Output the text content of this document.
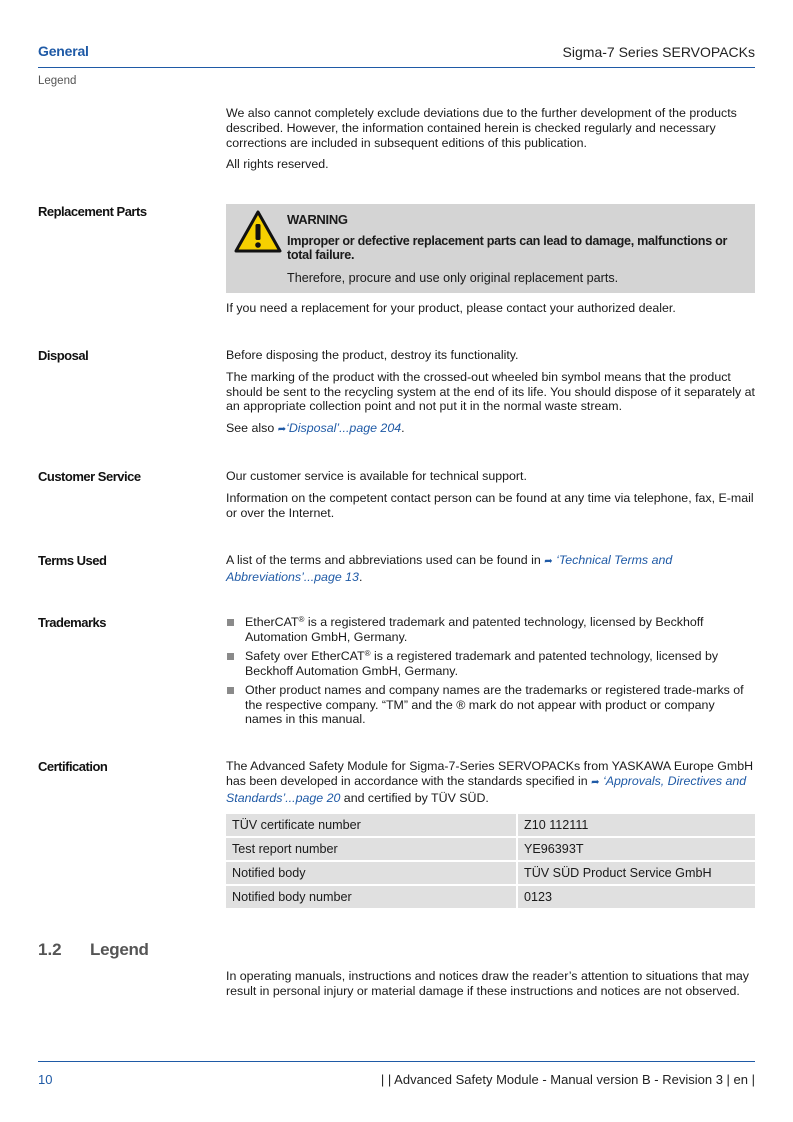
General	Sigma-7 Series SERVOPACKs
Legend

We also cannot completely exclude deviations due to the further development of the products described. However, the information contained herein is checked regularly and necessary corrections are included in subsequent editions of this publication.

All rights reserved.

Replacement Parts
WARNING
Improper or defective replacement parts can lead to damage, malfunctions or total failure.
Therefore, procure and use only original replacement parts.

If you need a replacement for your product, please contact your authorized dealer.

Disposal	Before disposing the product, destroy its functionality.

The marking of the product with the crossed-out wheeled bin symbol means that the product should be sent to the recycling system at the end of its life. You should dispose of it separately at an appropriate collection point and not put it in the normal waste stream.

See also ➦‘Disposal’...page 204.

Customer Service	Our customer service is available for technical support.

Information on the competent contact person can be found at any time via telephone, fax, E-mail or over the Internet.

Terms Used	A list of the terms and abbreviations used can be found in ➦ ‘Technical Terms and Abbreviations’...page 13.

Trademarks	EtherCAT® is a registered trademark and patented technology, licensed by Beckhoff Automation GmbH, Germany.
Safety over EtherCAT® is a registered trademark and patented technology, licensed by Beckhoff Automation GmbH, Germany.
Other product names and company names are the trademarks or registered trade-marks of the respective company. “TM” and the ® mark do not appear with product or company names in this manual.
Certification	The Advanced Safety Module for Sigma-7-Series SERVOPACKs from YASKAWA Europe GmbH has been developed in accordance with the standards specified in ➦ ‘Approvals, Directives and Standards’...page 20 and certified by TÜV SÜD.

TÜV certificate number	Z10 112111
Test report number	YE96393T
Notified body	TÜV SÜD Product Service GmbH
Notified body number	0123
1.2 Legend

In operating manuals, instructions and notices draw the reader’s attention to situations that may result in personal injury or material damage if these instructions and notices are not observed.

10	| | Advanced Safety Module - Manual version B - Revision 3 | en |
